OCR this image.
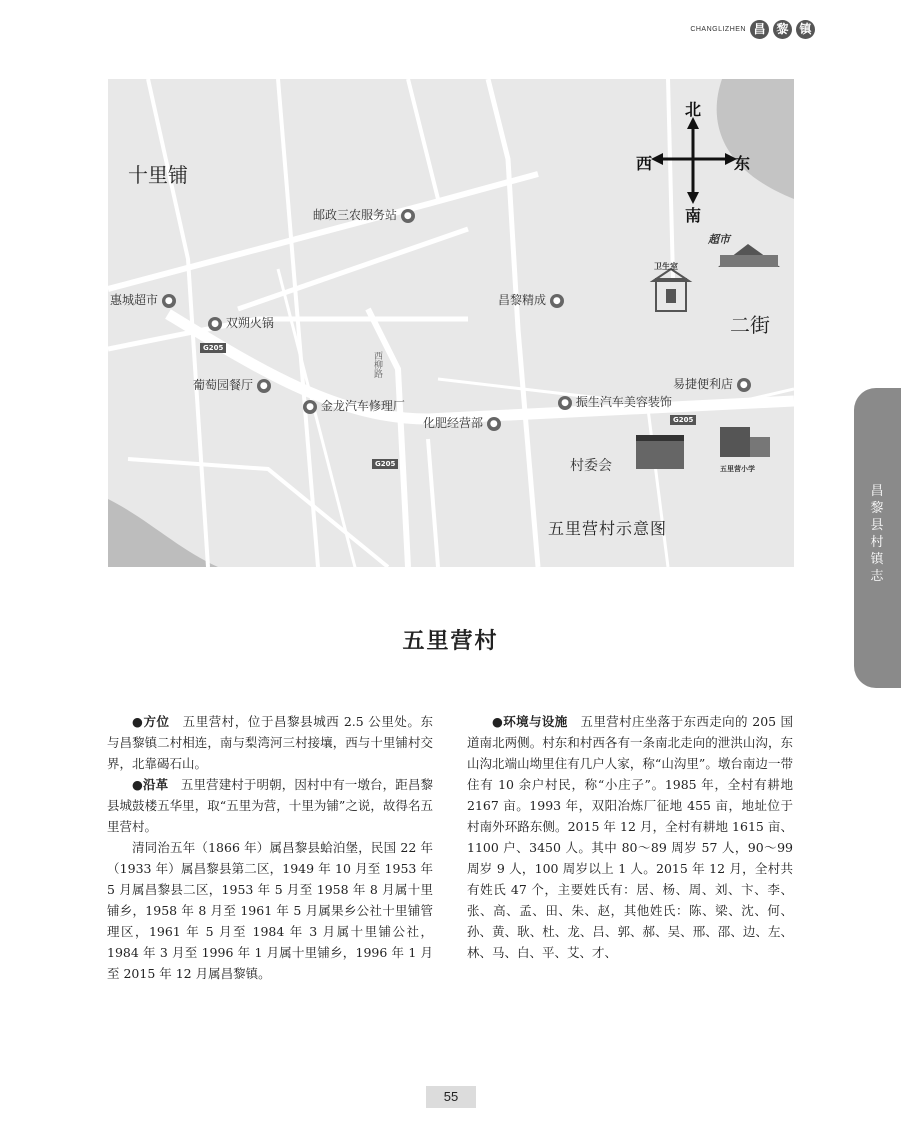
CHANGLIZHEN 昌 黎 镇
十里铺
二街
北
南
西	东
邮政三农服务站 ●
惠城超市 ●
● 双朔火锅
G205
葡萄园餐厅 ●
西柳路
● 金龙汽车修理厂
化肥经营部 ●
昌黎精成 ●
● 振生汽车美容装饰
易捷便利店 ●
G205
G205	村委会
卫生室
超市
五里营小学
五里营村示意图
昌黎县村镇志
五里营村

●方位　五里营村，位于昌黎县城西 2.5 公里处。东与昌黎镇二村相连，南与梨湾河三村接壤，西与十里铺村交界，北靠碣石山。

●沿革　五里营建村于明朝，因村中有一墩台，距昌黎县城鼓楼五华里，取“五里为营，十里为铺”之说，故得名五里营村。

清同治五年（1866 年）属昌黎县蛤泊堡，民国 22 年（1933 年）属昌黎县第二区，1949 年 10 月至 1953 年 5 月属昌黎县二区，1953 年 5 月至 1958 年 8 月属十里铺乡，1958 年 8 月至 1961 年 5 月属果乡公社十里铺管理区，1961 年 5 月至 1984 年 3 月属十里铺公社，1984 年 3 月至 1996 年 1 月属十里铺乡，1996 年 1 月至 2015 年 12 月属昌黎镇。

●环境与设施　五里营村庄坐落于东西走向的 205 国道南北两侧。村东和村西各有一条南北走向的泄洪山沟，东山沟北端山坳里住有几户人家，称“山沟里”。墩台南边一带住有 10 余户村民，称“小庄子”。1985 年，全村有耕地 2167 亩。1993 年，双阳冶炼厂征地 455 亩，地址位于村南外环路东侧。2015 年 12 月，全村有耕地 1615 亩、1100 户、3450 人。其中 80～89 周岁 57 人，90～99 周岁 9 人，100 周岁以上 1 人。2015 年 12 月，全村共有姓氏 47 个，主要姓氏有：居、杨、周、刘、卞、李、张、高、孟、田、朱、赵，其他姓氏：陈、梁、沈、何、孙、黄、耿、杜、龙、吕、郭、郝、吴、邢、邵、边、左、林、马、白、平、艾、才、

55
